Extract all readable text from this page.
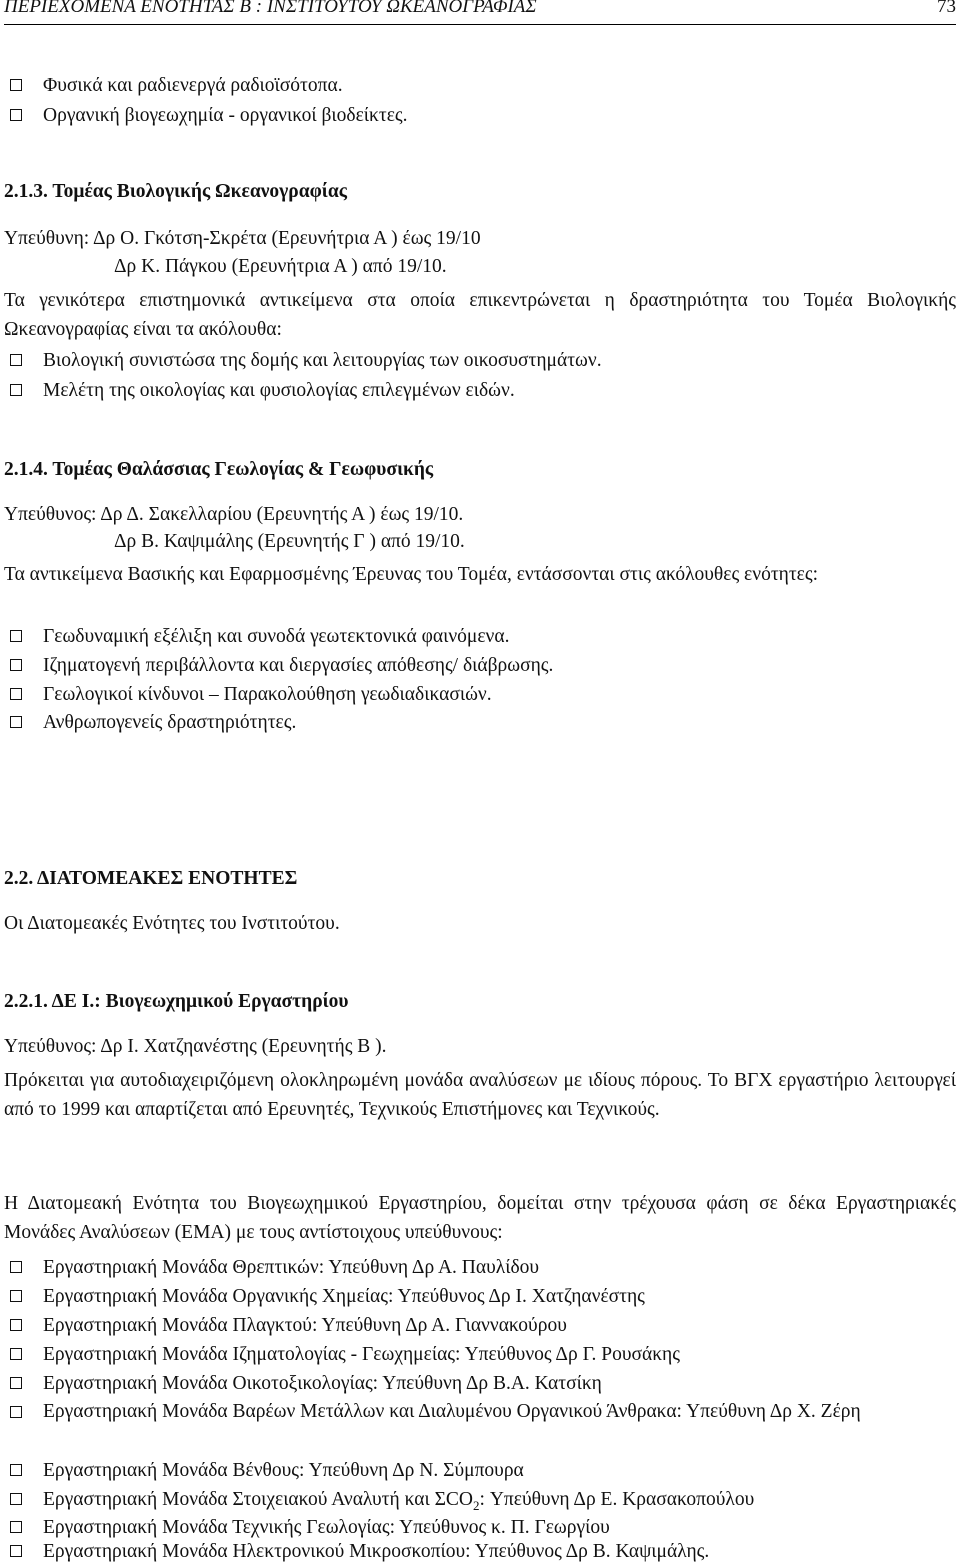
ΠΕΡΙΕΧΟΜΕΝΑ ΕΝΟΤΗΤΑΣ Β : ΙΝΣΤΙΤΟΥΤΟΥ ΩΚΕΑΝΟΓΡΑΦΙΑΣ	73
Φυσικά και ραδιενεργά ραδιοϊσότοπα.
Οργανική βιογεωχημία - οργανικοί βιοδείκτες.
2.1.3. Τομέας Βιολογικής Ωκεανογραφίας
Υπεύθυνη: Δρ Ο. Γκότση-Σκρέτα (Ερευνήτρια Α ) έως 19/10
Δρ Κ. Πάγκου (Ερευνήτρια Α ) από 19/10.
Τα γενικότερα επιστημονικά αντικείμενα στα οποία επικεντρώνεται η δραστηριότητα του Τομέα Βιολογικής Ωκεανογραφίας είναι τα ακόλουθα:
Βιολογική συνιστώσα της δομής και λειτουργίας των οικοσυστημάτων.
Μελέτη της οικολογίας και φυσιολογίας επιλεγμένων ειδών.
2.1.4. Τομέας Θαλάσσιας Γεωλογίας & Γεωφυσικής
Υπεύθυνος: Δρ Δ. Σακελλαρίου (Ερευνητής Α ) έως 19/10.
Δρ Β. Καψιμάλης (Ερευνητής Γ ) από 19/10.
Τα αντικείμενα Βασικής και Εφαρμοσμένης Έρευνας του Τομέα, εντάσσονται στις ακόλουθες ενότητες:
Γεωδυναμική εξέλιξη και συνοδά γεωτεκτονικά φαινόμενα.
Ιζηματογενή περιβάλλοντα και διεργασίες απόθεσης/ διάβρωσης.
Γεωλογικοί κίνδυνοι – Παρακολούθηση γεωδιαδικασιών.
Ανθρωπογενείς δραστηριότητες.
2.2. ΔΙΑΤΟΜΕΑΚΕΣ ΕΝΟΤΗΤΕΣ
Οι Διατομεακές Ενότητες του Ινστιτούτου.
2.2.1. ΔΕ Ι.: Βιογεωχημικού Εργαστηρίου
Υπεύθυνος: Δρ Ι. Χατζηανέστης (Ερευνητής Β ).
Πρόκειται για αυτοδιαχειριζόμενη ολοκληρωμένη μονάδα αναλύσεων με ιδίους πόρους. Το ΒΓΧ εργαστήριο λειτουργεί από το 1999 και απαρτίζεται από Ερευνητές, Τεχνικούς Επιστήμονες και Τεχνικούς.
Η Διατομεακή Ενότητα του Βιογεωχημικού Εργαστηρίου, δομείται στην τρέχουσα φάση σε δέκα Εργαστηριακές Μονάδες Αναλύσεων (ΕΜΑ) με τους αντίστοιχους υπεύθυνους:
Εργαστηριακή Μονάδα Θρεπτικών: Υπεύθυνη Δρ Α. Παυλίδου
Εργαστηριακή Μονάδα Οργανικής Χημείας: Υπεύθυνος Δρ Ι. Χατζηανέστης
Εργαστηριακή Μονάδα Πλαγκτού: Υπεύθυνη Δρ Α. Γιαννακούρου
Εργαστηριακή Μονάδα Ιζηματολογίας - Γεωχημείας: Υπεύθυνος Δρ Γ. Ρουσάκης
Εργαστηριακή Μονάδα Οικοτοξικολογίας: Υπεύθυνη Δρ Β.Α. Κατσίκη
Εργαστηριακή Μονάδα Βαρέων Μετάλλων και Διαλυμένου Οργανικού Άνθρακα: Υπεύθυνη Δρ Χ. Ζέρη
Εργαστηριακή Μονάδα Βένθους: Υπεύθυνη Δρ Ν. Σύμπουρα
Εργαστηριακή Μονάδα Στοιχειακού Αναλυτή και $\Sigma CO_2$: Υπεύθυνη Δρ Ε. Κρασακοπούλου
Εργαστηριακή Μονάδα Τεχνικής Γεωλογίας: Υπεύθυνος κ. Π. Γεωργίου
Εργαστηριακή Μονάδα Ηλεκτρονικού Μικροσκοπίου: Υπεύθυνος Δρ Β. Καψιμάλης.
